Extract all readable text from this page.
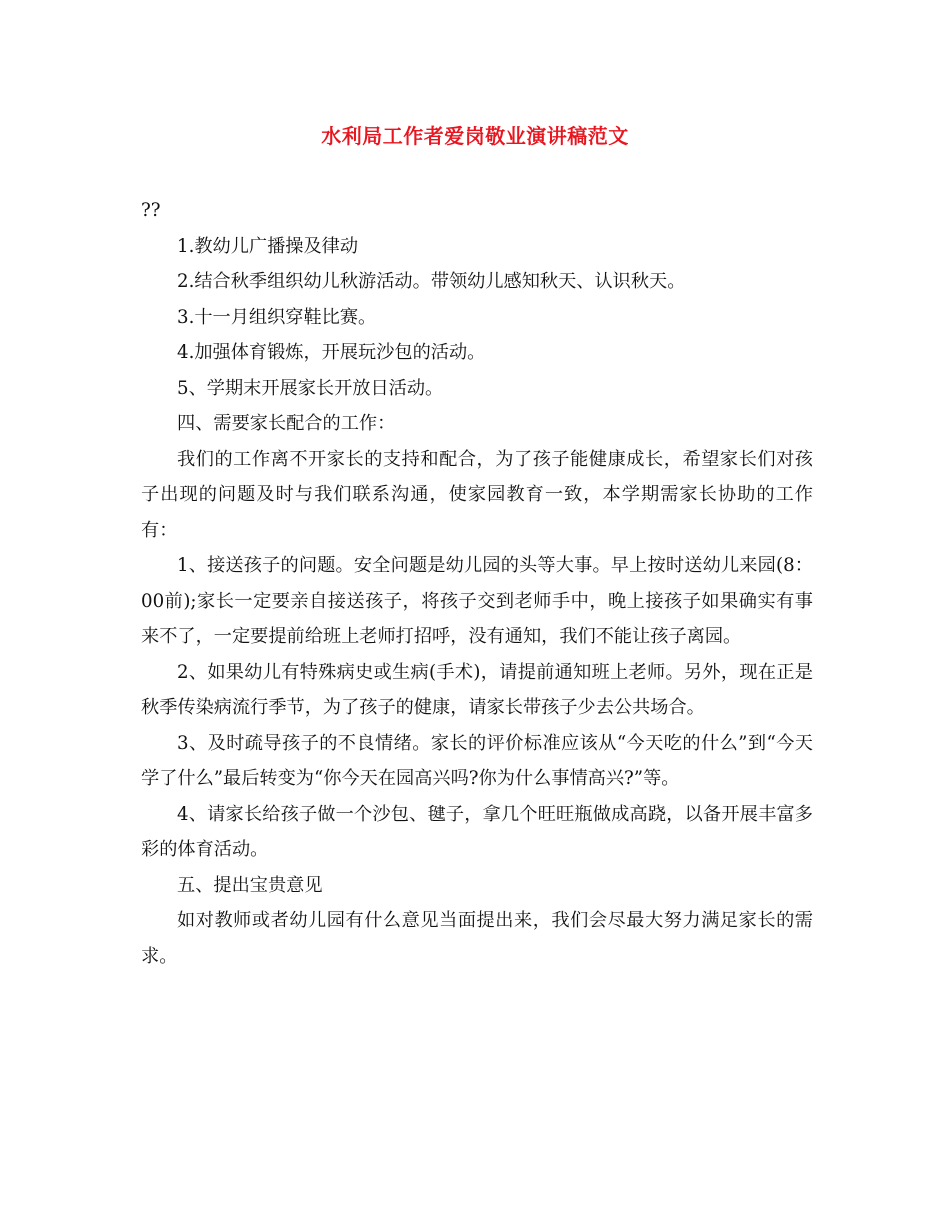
水利局工作者爱岗敬业演讲稿范文

??

1.教幼儿广播操及律动

2.结合秋季组织幼儿秋游活动。带领幼儿感知秋天、认识秋天。

3.十一月组织穿鞋比赛。

4.加强体育锻炼，开展玩沙包的活动。

5、学期末开展家长开放日活动。

四、需要家长配合的工作：

我们的工作离不开家长的支持和配合，为了孩子能健康成长，希望家长们对孩子出现的问题及时与我们联系沟通，使家园教育一致，本学期需家长协助的工作有：

1、接送孩子的问题。安全问题是幼儿园的头等大事。早上按时送幼儿来园(8：00前);家长一定要亲自接送孩子，将孩子交到老师手中，晚上接孩子如果确实有事来不了，一定要提前给班上老师打招呼，没有通知，我们不能让孩子离园。

2、如果幼儿有特殊病史或生病(手术)，请提前通知班上老师。另外，现在正是秋季传染病流行季节，为了孩子的健康，请家长带孩子少去公共场合。

3、及时疏导孩子的不良情绪。家长的评价标准应该从“今天吃的什么”到“今天学了什么”最后转变为“你今天在园高兴吗?你为什么事情高兴?”等。

4、请家长给孩子做一个沙包、毽子，拿几个旺旺瓶做成高跷，以备开展丰富多彩的体育活动。

五、提出宝贵意见

如对教师或者幼儿园有什么意见当面提出来，我们会尽最大努力满足家长的需求。
